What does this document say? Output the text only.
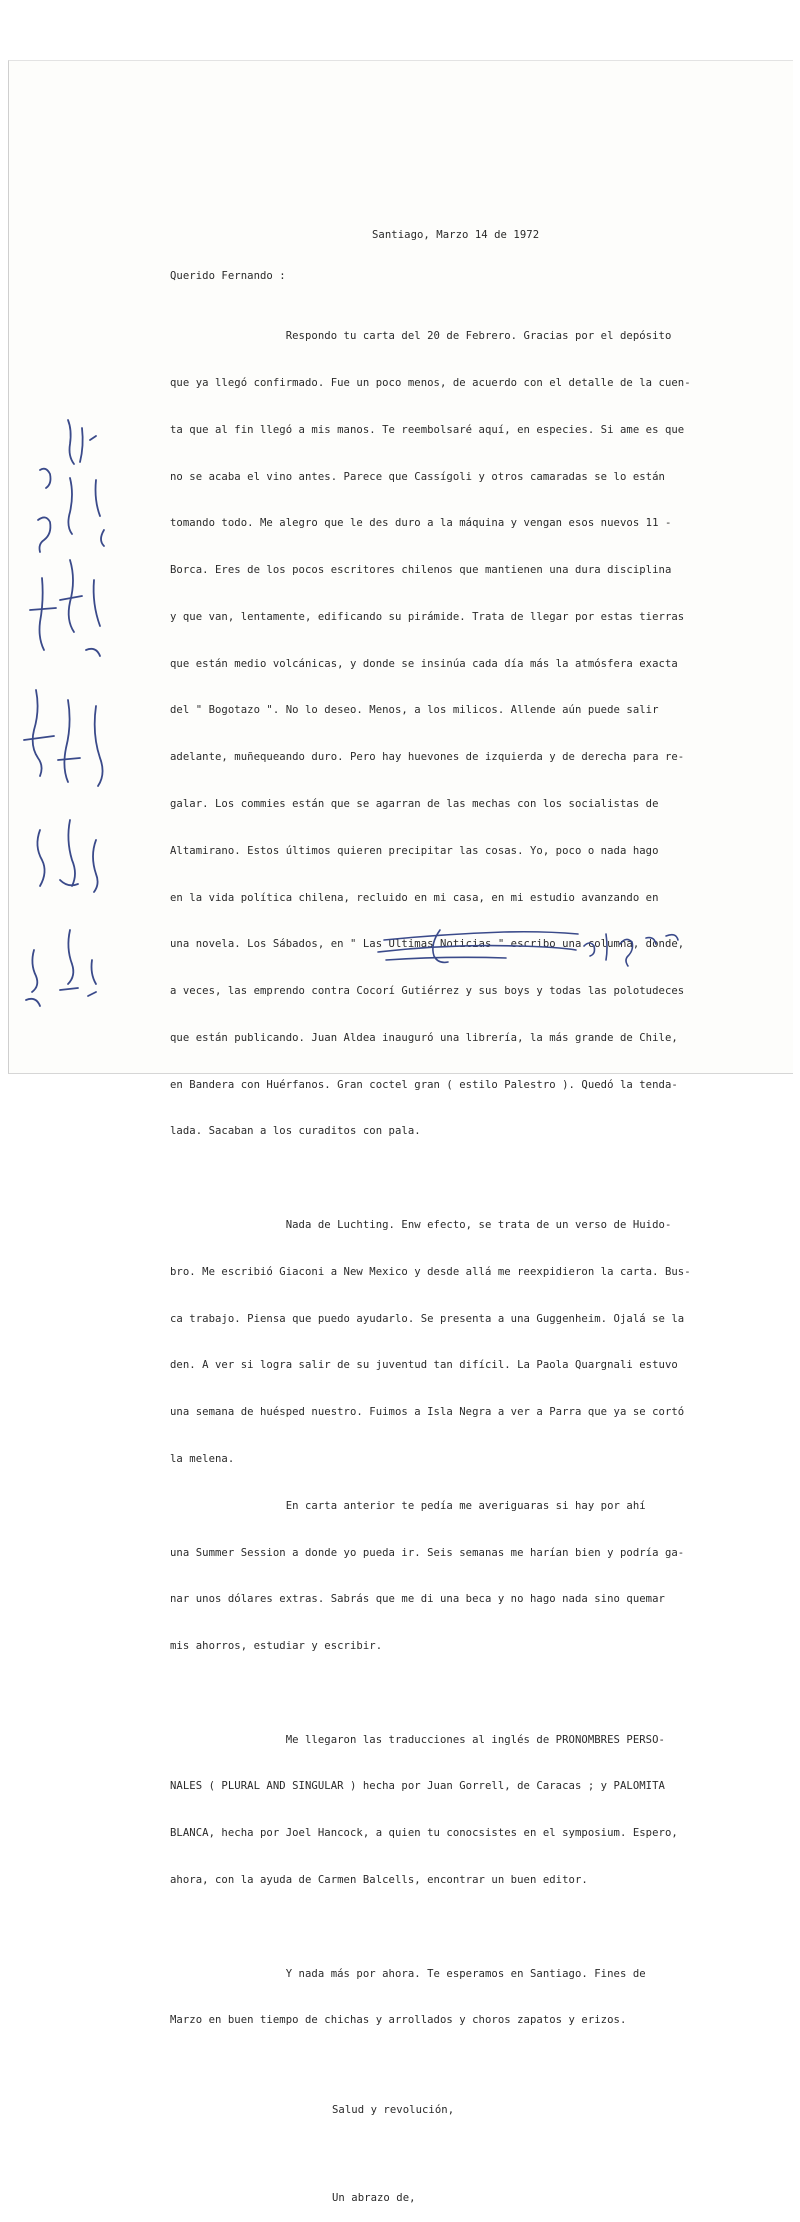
Santiago, Marzo 14 de 1972
Querido Fernando :

Respondo tu carta del 20 de Febrero. Gracias por el depósito

que ya llegó confirmado. Fue un poco menos, de acuerdo con el detalle de la cuen-

ta que al fin llegó a mis manos. Te reembolsaré aquí, en especies. Si ame es que

no se acaba el vino antes. Parece que Cassígoli y otros camaradas se lo están

tomando todo. Me alegro que le des duro a la máquina y vengan esos nuevos 11 -

Borca. Eres de los pocos escritores chilenos que mantienen una dura disciplina

y que van, lentamente, edificando su pirámide. Trata de llegar por estas tierras

que están medio volcánicas, y donde se insinúa cada día más la atmósfera exacta

del " Bogotazo ". No lo deseo. Menos, a los milicos. Allende aún puede salir

adelante, muñequeando duro. Pero hay huevones de izquierda y de derecha para re-

galar. Los commies están que se agarran de las mechas con los socialistas de

Altamirano. Estos últimos quieren precipitar las cosas. Yo, poco o nada hago

en la vida política chilena, recluido en mi casa, en mi estudio avanzando en

una novela. Los Sábados, en " Las Ultimas Noticias " escribo una columna, donde,

a veces, las emprendo contra Cocorí Gutiérrez y sus boys y todas las polotudeces

que están publicando. Juan Aldea inauguró una librería, la más grande de Chile,

en Bandera con Huérfanos. Gran coctel gran ( estilo Palestro ). Quedó la tenda-

lada. Sacaban a los curaditos con pala.

Nada de Luchting. Enw efecto, se trata de un verso de Huido-

bro. Me escribió Giaconi a New Mexico y desde allá me reexpidieron la carta. Bus-

ca trabajo. Piensa que puedo ayudarlo. Se presenta a una Guggenheim. Ojalá se la

den. A ver si logra salir de su juventud tan difícil. La Paola Quargnali estuvo

una semana de huésped nuestro. Fuimos a Isla Negra a ver a Parra que ya se cortó

la melena.

En carta anterior te pedía me averiguaras si hay por ahí

una Summer Session a donde yo pueda ir. Seis semanas me harían bien y podría ga-

nar unos dólares extras. Sabrás que me di una beca y no hago nada sino quemar

mis ahorros, estudiar y escribir.

Me llegaron las traducciones al inglés de PRONOMBRES PERSO-

NALES ( PLURAL AND SINGULAR ) hecha por Juan Gorrell, de Caracas ; y PALOMITA

BLANCA, hecha por Joel Hancock, a quien tu conocsistes en el symposium. Espero,

ahora, con la ayuda de Carmen Balcells, encontrar un buen editor.

Y nada más por ahora. Te esperamos en Santiago. Fines de

Marzo en buen tiempo de chichas y arrollados y choros zapatos y erizos.

Salud y revolución,

Un abrazo de,
